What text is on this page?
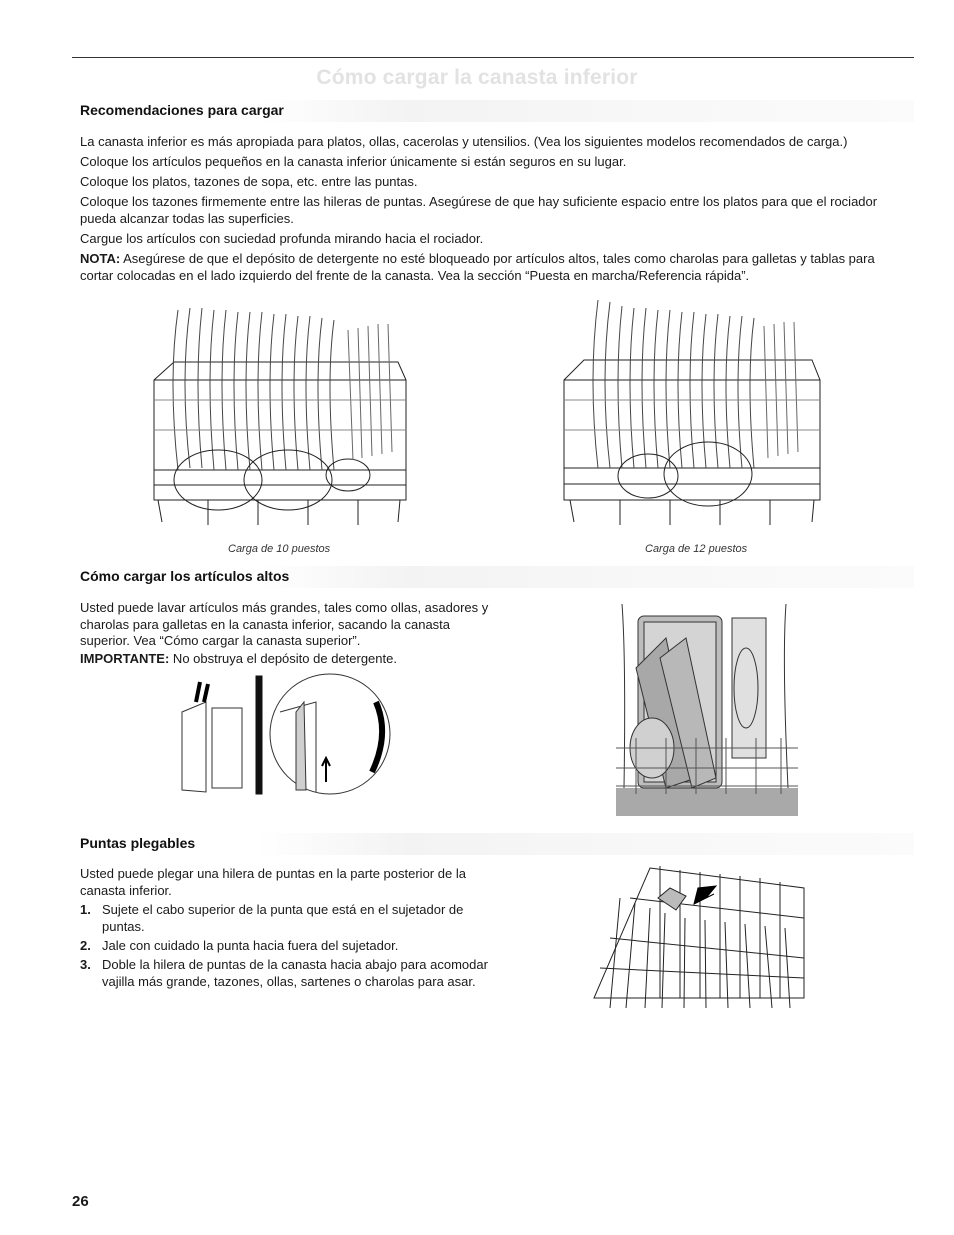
Cómo cargar la canasta inferior
Recomendaciones para cargar

La canasta inferior es más apropiada para platos, ollas, cacerolas y utensilios. (Vea los siguientes modelos recomendados de carga.)

Coloque los artículos pequeños en la canasta inferior únicamente si están seguros en su lugar.

Coloque los platos, tazones de sopa, etc. entre las puntas.

Coloque los tazones firmemente entre las hileras de puntas. Asegúrese de que hay suficiente espacio entre los platos para que el rociador pueda alcanzar todas las superficies.

Cargue los artículos con suciedad profunda mirando hacia el rociador.

NOTA: Asegúrese de que el depósito de detergente no esté bloqueado por artículos altos, tales como charolas para galletas y tablas para cortar colocadas en el lado izquierdo del frente de la canasta. Vea la sección “Puesta en marcha/Referencia rápida”.

Carga de 10 puestos	Carga de 12 puestos
Cómo cargar los artículos altos
Usted puede lavar artículos más grandes, tales como ollas, asadores y charolas para galletas en la canasta inferior, sacando la canasta superior. Vea “Cómo cargar la canasta superior”.
IMPORTANTE: No obstruya el depósito de detergente.
Puntas plegables
Usted puede plegar una hilera de puntas en la parte posterior de la canasta inferior.
1. Sujete el cabo superior de la punta que está en el sujetador de puntas.
2. Jale con cuidado la punta hacia fuera del sujetador.
3. Doble la hilera de puntas de la canasta hacia abajo para acomodar vajilla más grande, tazones, ollas, sartenes o charolas para asar.
26
